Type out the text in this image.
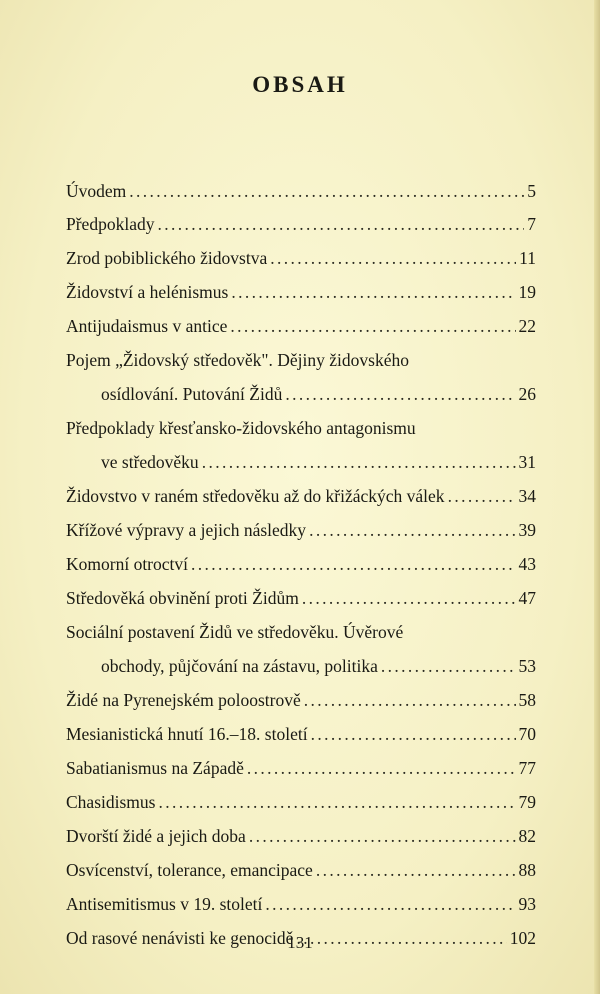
OBSAH
Úvodem . . .	5
Předpoklady . . .	7
Zrod pobiblického židovstva . . .	11
Židovství a helénismus . . .	19
Antijudaismus v antice . . .	22
Pojem „Židovský středověk". Dějiny židovského
osídlování. Putování Židů . . .	26
Předpoklady křesťansko-židovského antagonismu
ve středověku . . .	31
Židovstvo v raném středověku až do křižáckých válek . . .	34
Křížové výpravy a jejich následky . . .	39
Komorní otroctví . . .	43
Středověká obvinění proti Židům . . .	47
Sociální postavení Židů ve středověku. Úvěrové
obchody, půjčování na zástavu, politika . . .	53
Židé na Pyrenejském poloostrově . . .	58
Mesianistická hnutí 16.–18. století . . .	70
Sabatianismus na Západě . . .	77
Chasidismus . . .	79
Dvorští židé a jejich doba . . .	82
Osvícenství, tolerance, emancipace . . .	88
Antisemitismus v 19. století . . .	93
Od rasové nenávisti ke genocidě . . .	102
131
